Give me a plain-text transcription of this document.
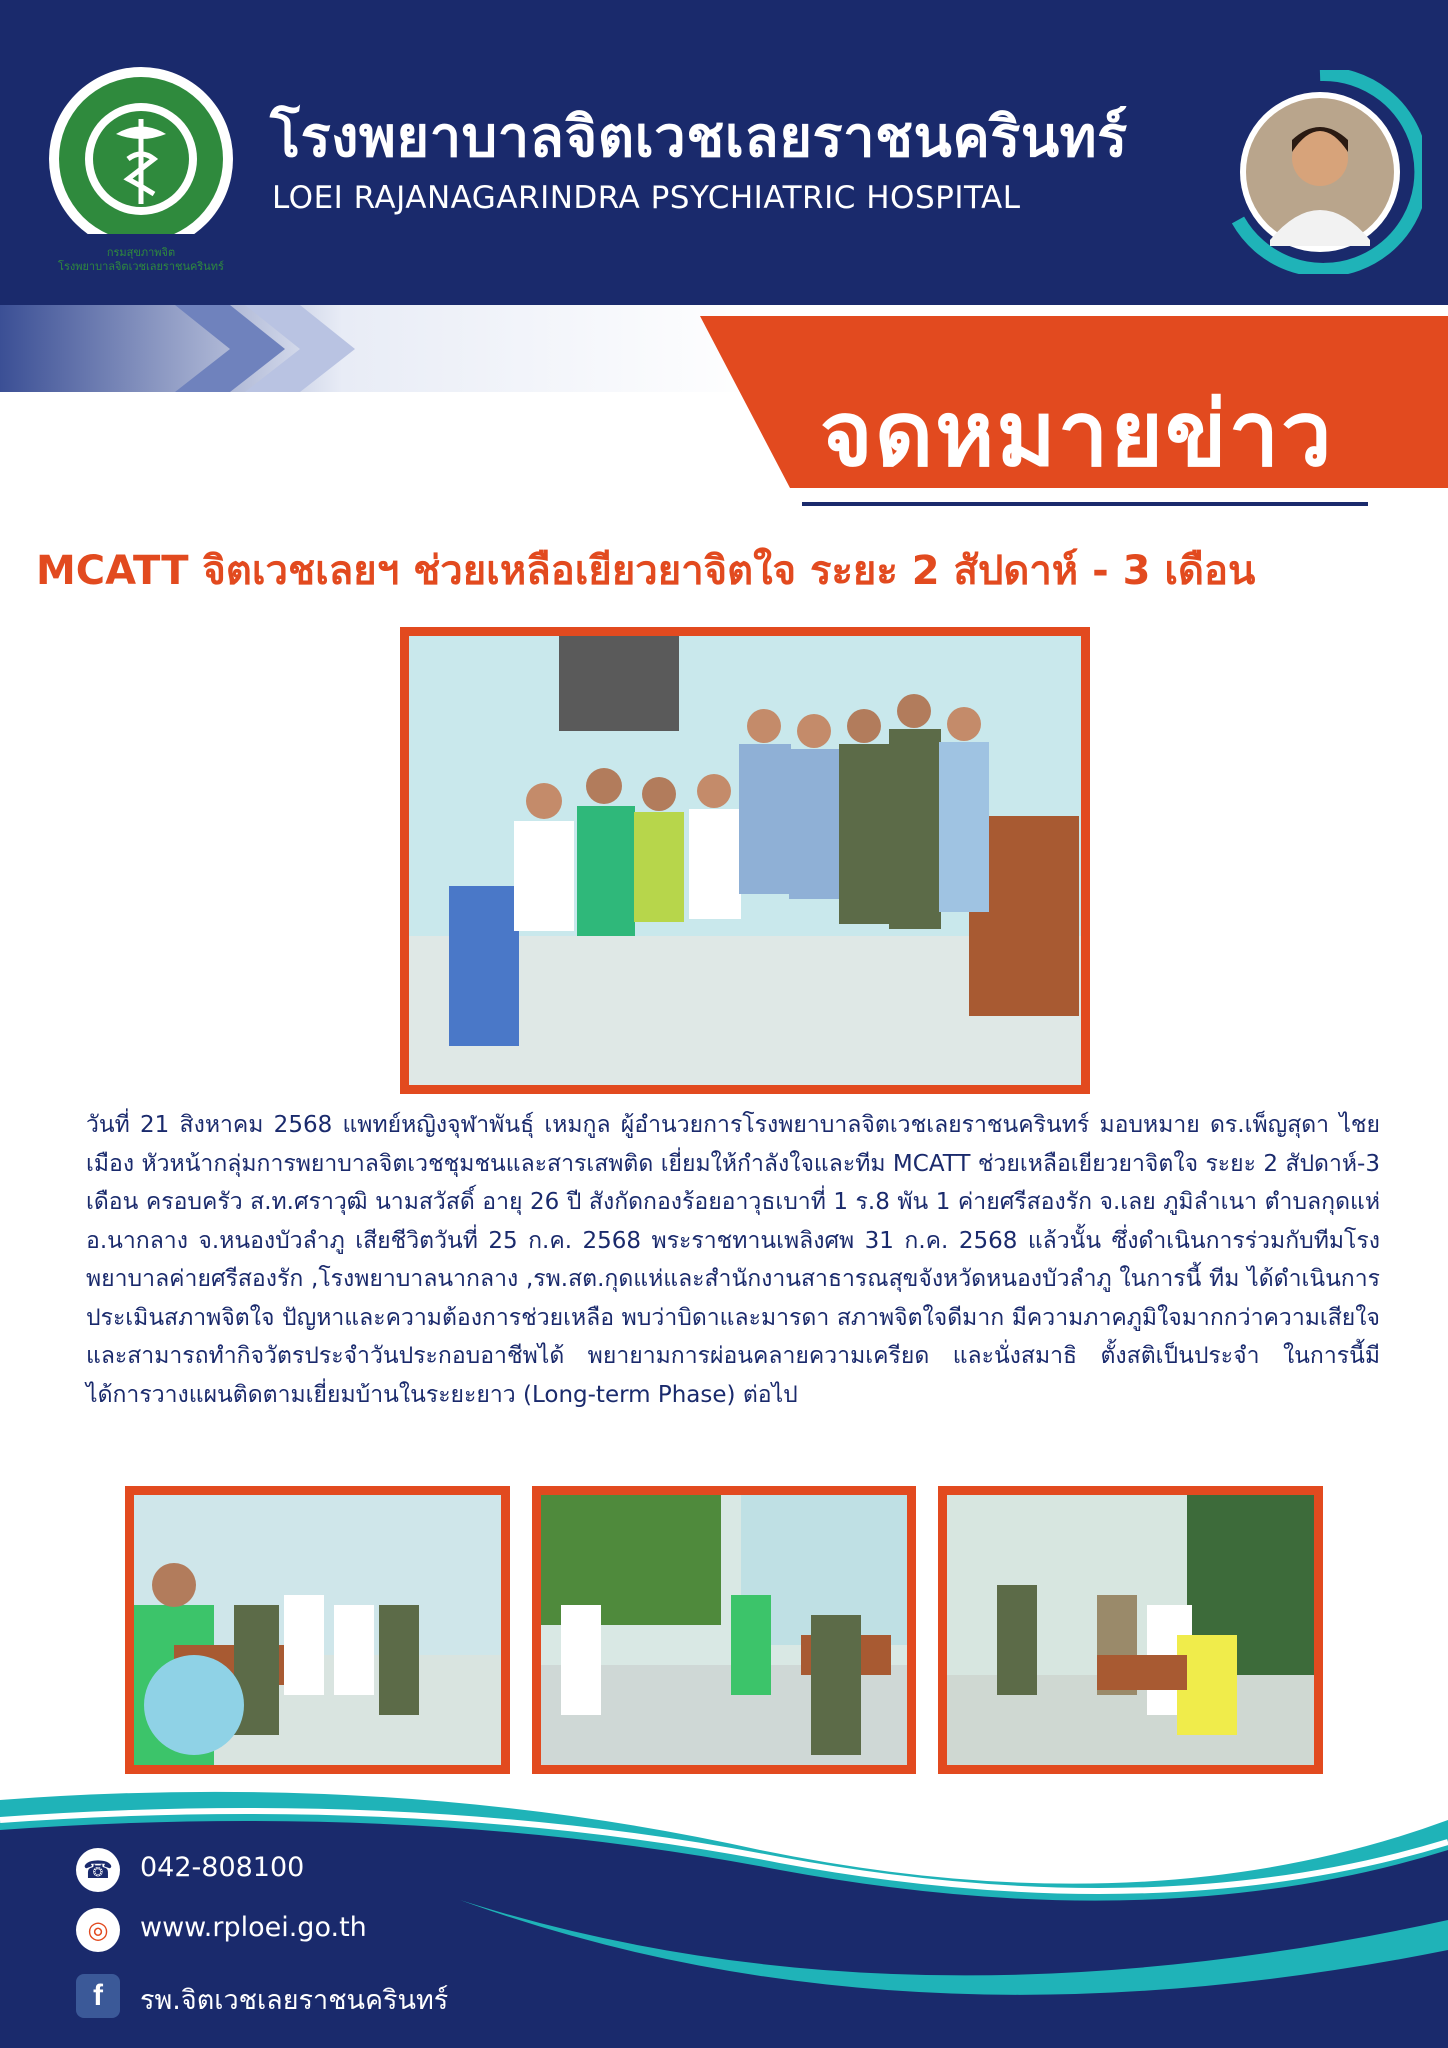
กรมสุขภาพจิต
โรงพยาบาลจิตเวชเลยราชนครินทร์
โรงพยาบาลจิตเวชเลยราชนครินทร์
LOEI RAJANAGARINDRA PSYCHIATRIC HOSPITAL
จดหมายข่าว
MCATT จิตเวชเลยฯ ช่วยเหลือเยียวยาจิตใจ ระยะ 2 สัปดาห์ - 3 เดือน
วันที่ 21 สิงหาคม 2568 แพทย์หญิงจุฬาพันธุ์ เหมกูล ผู้อำนวยการโรงพยาบาลจิตเวชเลยราชนครินทร์ มอบหมาย ดร.เพ็ญสุดา ไชยเมือง หัวหน้ากลุ่มการพยาบาลจิตเวชชุมชนและสารเสพติด เยี่ยมให้กำลังใจและทีม MCATT ช่วยเหลือเยียวยาจิตใจ ระยะ 2 สัปดาห์-3 เดือน ครอบครัว ส.ท.ศราวุฒิ นามสวัสดิ์ อายุ 26 ปี สังกัดกองร้อยอาวุธเบาที่ 1 ร.8 พัน 1 ค่ายศรีสองรัก จ.เลย ภูมิลำเนา ตำบลกุดแห่ อ.นากลาง จ.หนองบัวลำภู เสียชีวิตวันที่ 25 ก.ค. 2568 พระราชทานเพลิงศพ 31 ก.ค. 2568 แล้วนั้น ซึ่งดำเนินการร่วมกับทีมโรงพยาบาลค่ายศรีสองรัก ,โรงพยาบาลนากลาง ,รพ.สต.กุดแห่และสำนักงานสาธารณสุขจังหวัดหนองบัวลำภู ในการนี้ ทีม ได้ดำเนินการประเมินสภาพจิตใจ ปัญหาและความต้องการช่วยเหลือ พบว่าบิดาและมารดา สภาพจิตใจดีมาก มีความภาคภูมิใจมากกว่าความเสียใจ และสามารถทำกิจวัตรประจำวันประกอบอาชีพได้ พยายามการผ่อนคลายความเครียด และนั่งสมาธิ ตั้งสติเป็นประจำ ในการนี้มีได้การวางแผนติดตามเยี่ยมบ้านในระยะยาว (Long-term Phase) ต่อไป
☎ 042-808100
◎	www.rploei.go.th
f	รพ.จิตเวชเลยราชนครินทร์
